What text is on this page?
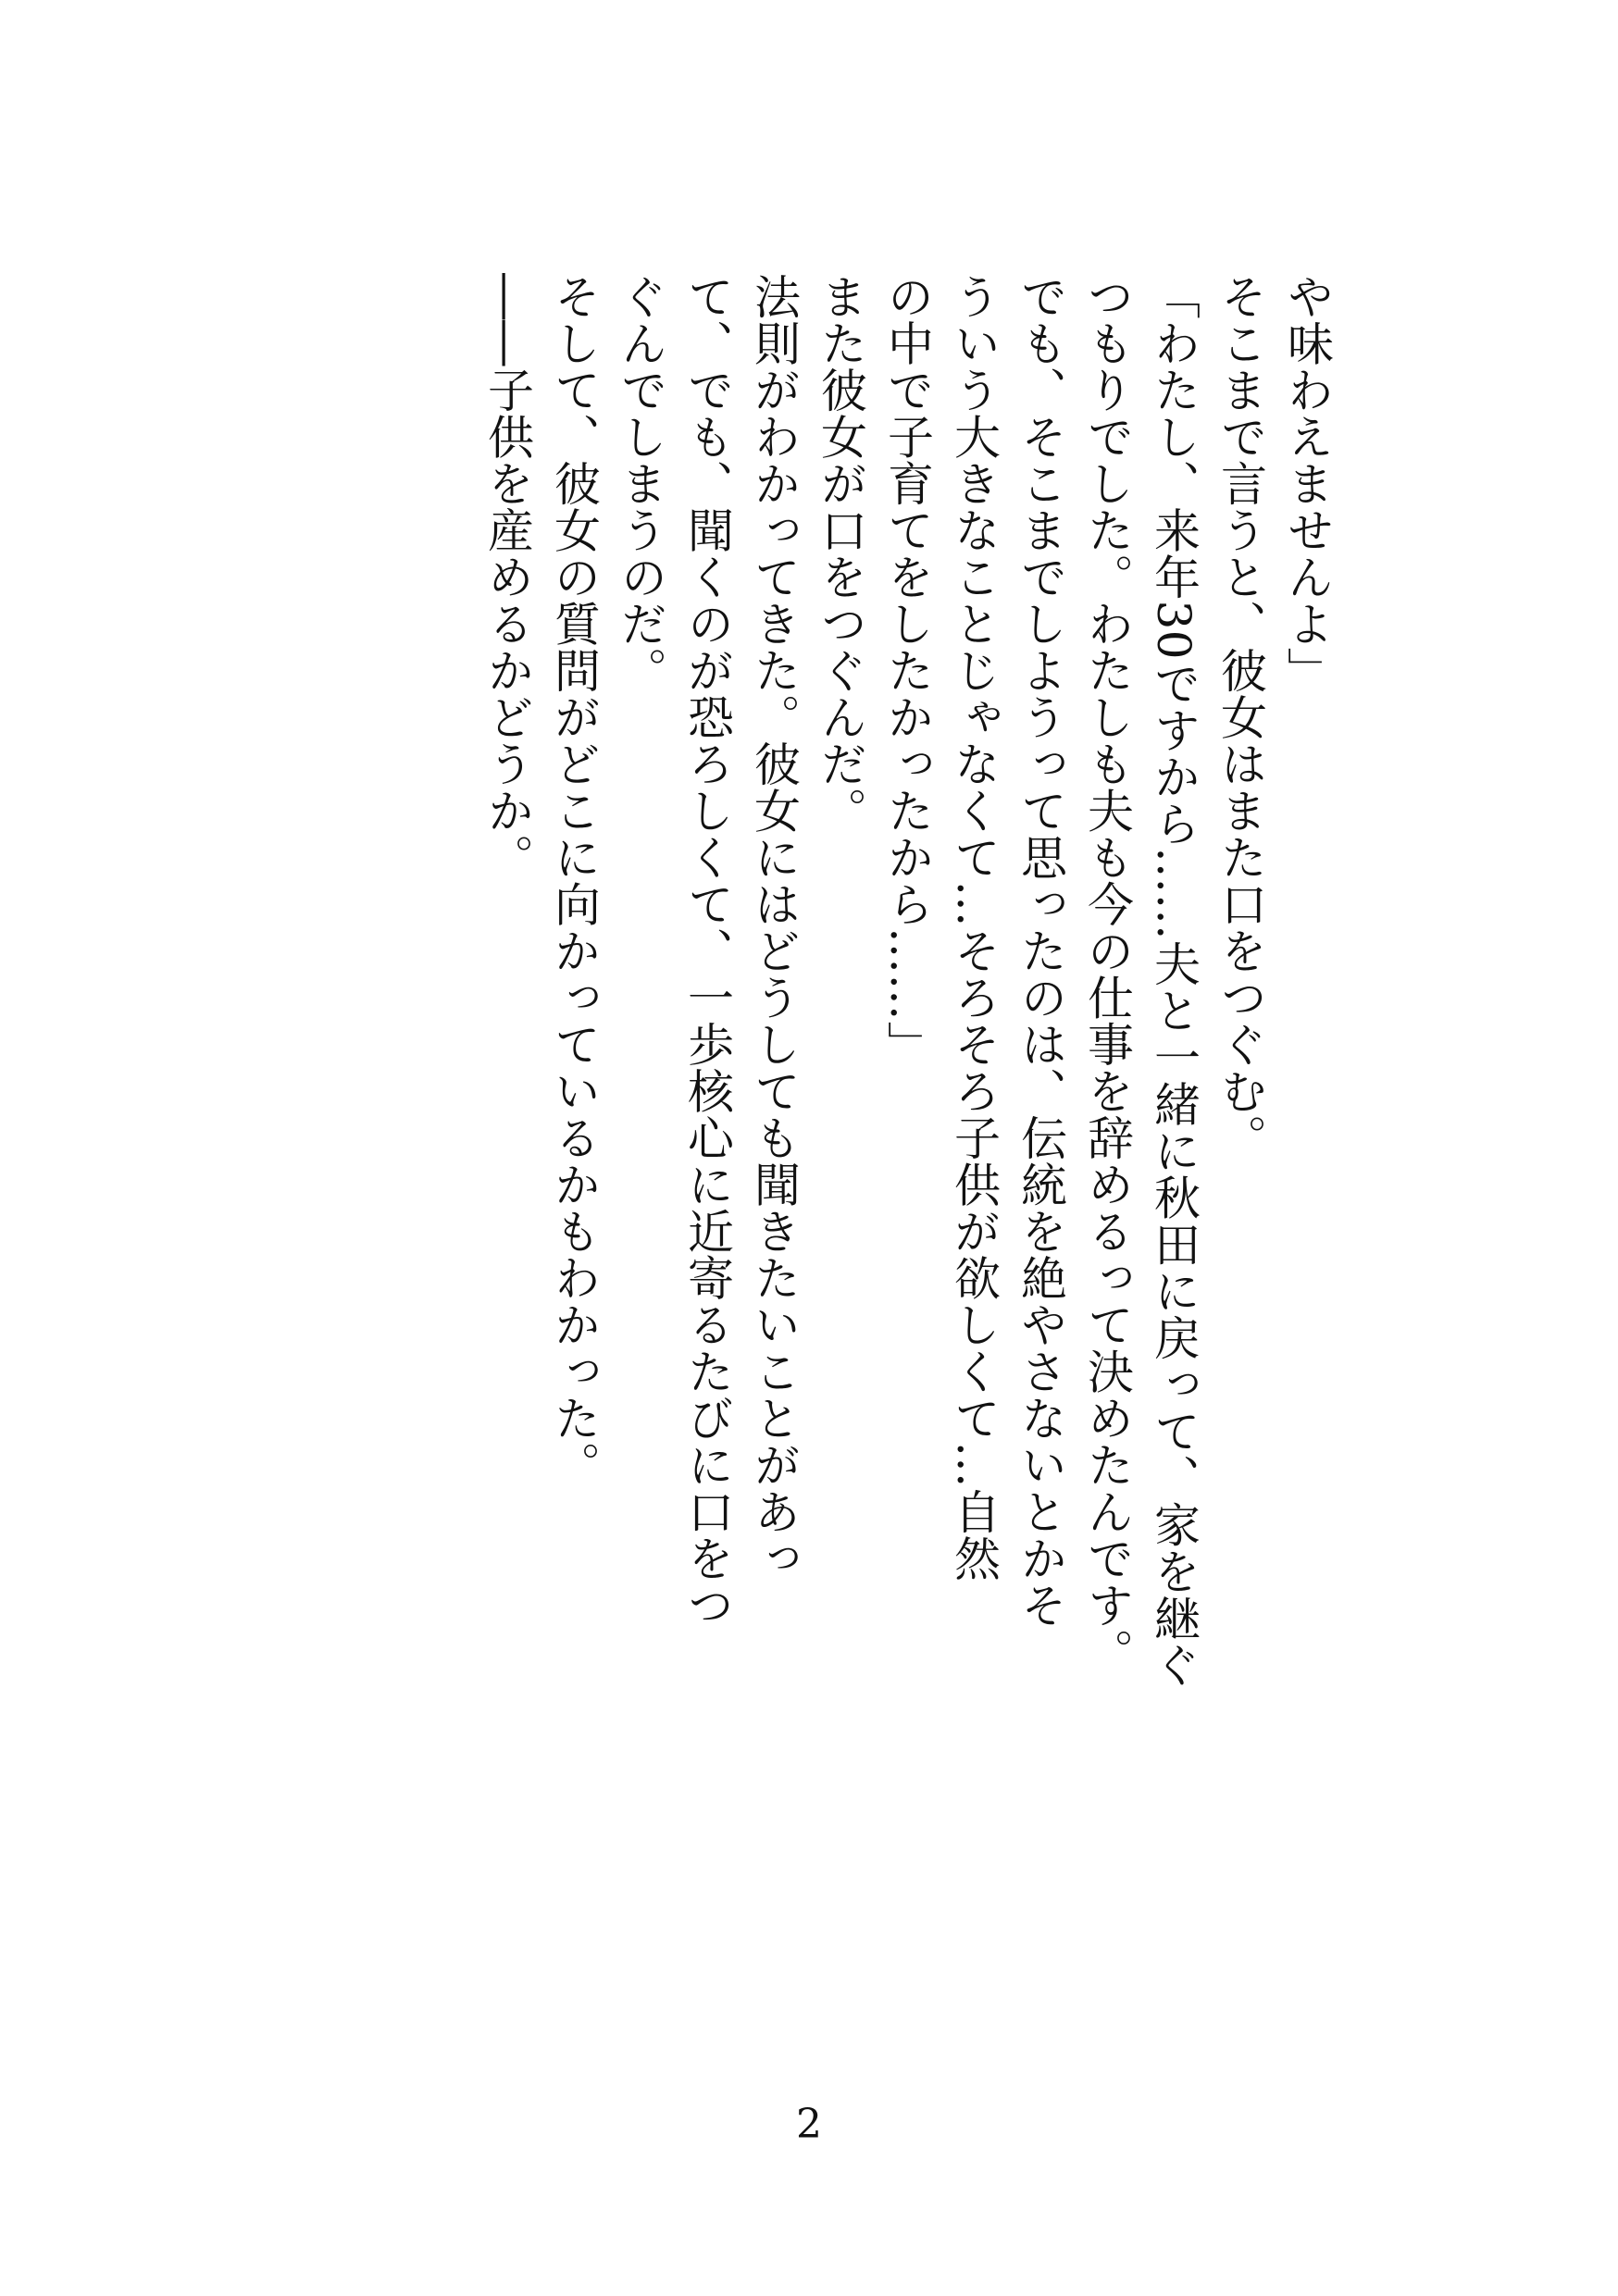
や味わえませんよ」

そこまで言うと、彼女はまた口をつぐむ。

「わたし、来年30ですから……夫と一緒に秋田に戻って、家を継ぐ

つもりでした。わたしも夫も今の仕事を辞めるって決めたんです。

でも、そこまでしようって思ったのは、伝統を絶やさないとかそ

ういう大きなことじゃなくて…そろそろ子供が欲しくて…自然

の中で子育てをしたかったから……」

また彼女が口をつぐんだ。

法則がわかってきた。彼女にはどうしても聞きたいことがあっ

て、でも、聞くのが恐ろしくて、一歩核心に近寄るたびに口をつ

ぐんでしまうのだ。

そして、彼女の質問がどこに向かっているかもわかった。

――子供を産めるかどうか。

2
